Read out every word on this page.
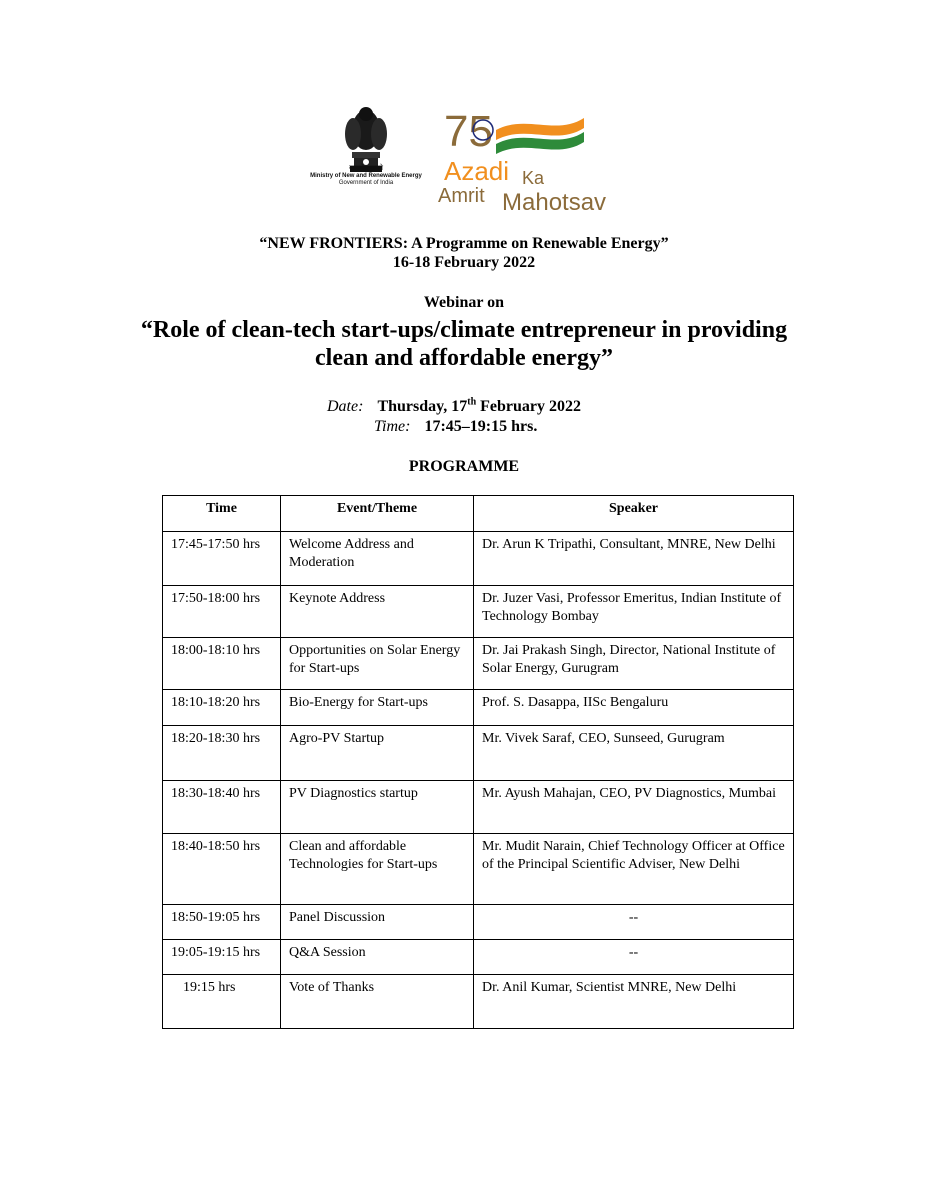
सत्यमेव जयते
Ministry of New and Renewable Energy
Government of India
75
Azadi Ka
Amrit Mahotsav
“NEW FRONTIERS: A Programme on Renewable Energy”
16-18 February 2022
Webinar on
“Role of clean-tech start-ups/climate entrepreneur in providing
clean and affordable energy”
Date: Thursday, 17th February 2022
Time: 17:45–19:15 hrs.
PROGRAMME
Time	Event/Theme	Speaker
17:45-17:50 hrs	Welcome Address and Moderation	Dr. Arun K Tripathi, Consultant, MNRE, New Delhi
17:50-18:00 hrs	Keynote Address	Dr. Juzer Vasi, Professor Emeritus, Indian Institute of Technology Bombay
18:00-18:10 hrs	Opportunities on Solar Energy for Start-ups	Dr. Jai Prakash Singh, Director, National Institute of Solar Energy, Gurugram
18:10-18:20 hrs	Bio-Energy for Start-ups	Prof. S. Dasappa, IISc Bengaluru
18:20-18:30 hrs	Agro-PV Startup	Mr. Vivek Saraf, CEO, Sunseed, Gurugram
18:30-18:40 hrs	PV Diagnostics startup	Mr. Ayush Mahajan, CEO, PV Diagnostics, Mumbai
18:40-18:50 hrs	Clean and affordable Technologies for Start-ups	Mr. Mudit Narain, Chief Technology Officer at Office of the Principal Scientific Adviser, New Delhi
18:50-19:05 hrs	Panel Discussion	--
19:05-19:15 hrs	Q&A Session	--
19:15 hrs	Vote of Thanks	Dr. Anil Kumar, Scientist MNRE, New Delhi
